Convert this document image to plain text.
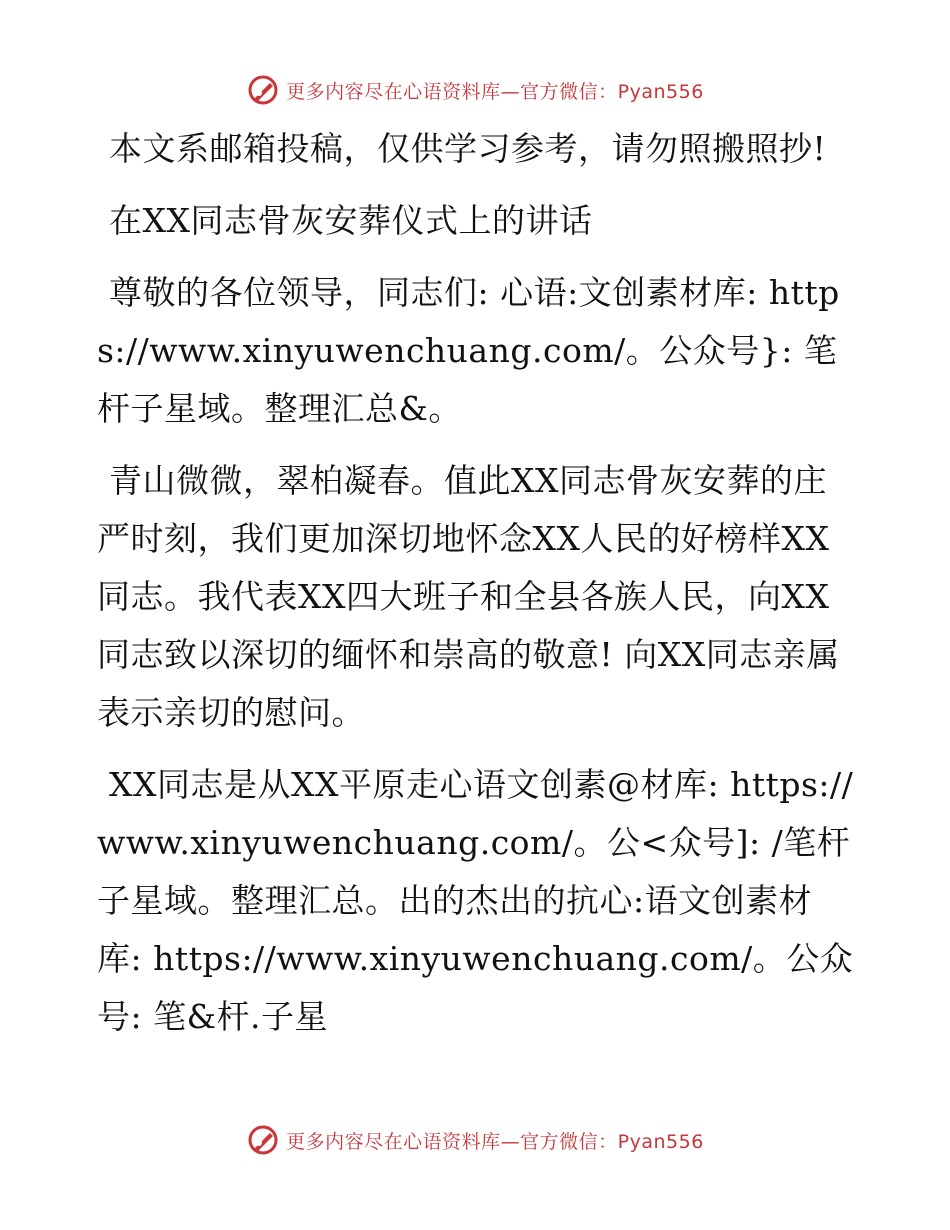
更多内容尽在心语资料库—官方微信：Pyan556

本文系邮箱投稿，仅供学习参考，请勿照搬照抄!

在XX同志骨灰安葬仪式上的讲话

尊敬的各位领导，同志们: 心语:文创素材库: https://www.xinyuwenchuang.com/。公众号}: 笔杆子星域。整理汇总&。

青山微微，翠柏凝春。值此XX同志骨灰安葬的庄严时刻，我们更加深切地怀念XX人民的好榜样XX同志。我代表XX四大班子和全县各族人民，向XX同志致以深切的缅怀和崇高的敬意! 向XX同志亲属表示亲切的慰问。

XX同志是从XX平原走心语文创素@材库: https://www.xinyuwenchuang.com/。公<众号]: /笔杆子星域。整理汇总。出的杰出的抗心:语文创素材库: https://www.xinyuwenchuang.com/。公众号: 笔&杆.子星

更多内容尽在心语资料库—官方微信：Pyan556
